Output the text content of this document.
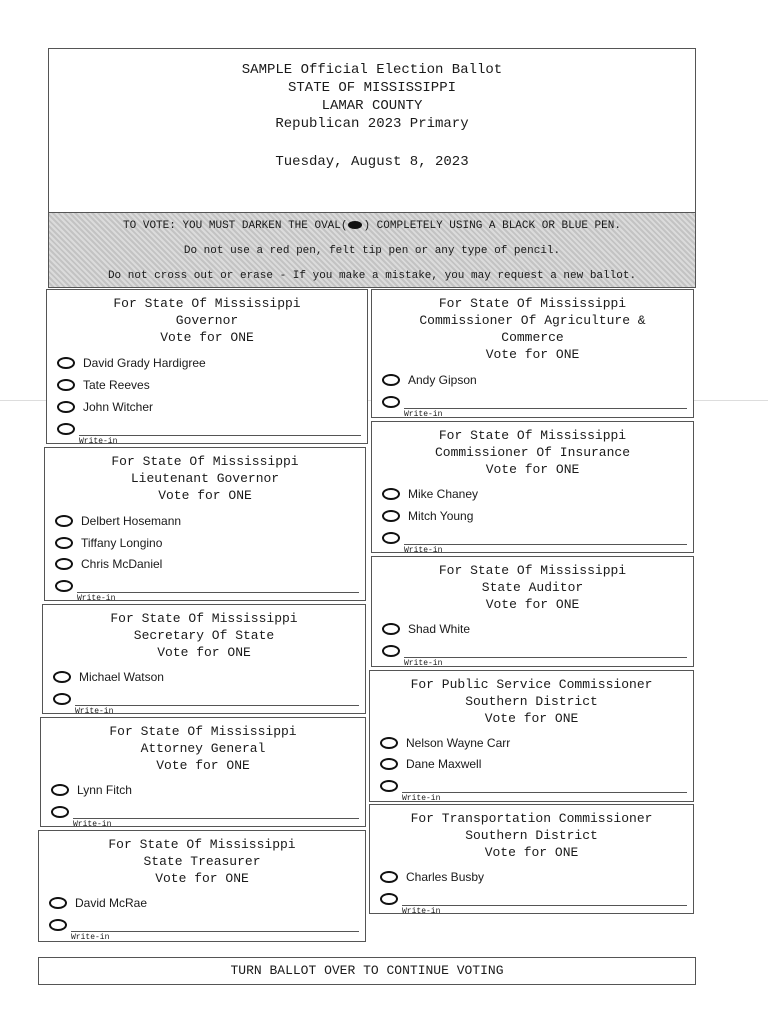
SAMPLE Official Election Ballot
STATE OF MISSISSIPPI
LAMAR COUNTY
Republican 2023 Primary
Tuesday, August 8, 2023
TO VOTE: YOU MUST DARKEN THE OVAL( ) COMPLETELY USING A BLACK OR BLUE PEN.
Do not use a red pen, felt tip pen or any type of pencil.
Do not cross out or erase - If you make a mistake, you may request a new ballot.
For State Of Mississippi
Governor
Vote for ONE
David Grady Hardigree
Tate Reeves
John Witcher
Write-in
For State Of Mississippi
Lieutenant Governor
Vote for ONE
Delbert Hosemann
Tiffany Longino
Chris McDaniel
Write-in
For State Of Mississippi
Secretary Of State
Vote for ONE
Michael Watson
Write-in
For State Of Mississippi
Attorney General
Vote for ONE
Lynn Fitch
Write-in
For State Of Mississippi
State Treasurer
Vote for ONE
David McRae
Write-in
For State Of Mississippi
Commissioner Of Agriculture &
Commerce
Vote for ONE
Andy Gipson
Write-in
For State Of Mississippi
Commissioner Of Insurance
Vote for ONE
Mike Chaney
Mitch Young
Write-in
For State Of Mississippi
State Auditor
Vote for ONE
Shad White
Write-in
For Public Service Commissioner
Southern District
Vote for ONE
Nelson Wayne Carr
Dane Maxwell
Write-in
For Transportation Commissioner
Southern District
Vote for ONE
Charles Busby
Write-in
TURN BALLOT OVER TO CONTINUE VOTING
